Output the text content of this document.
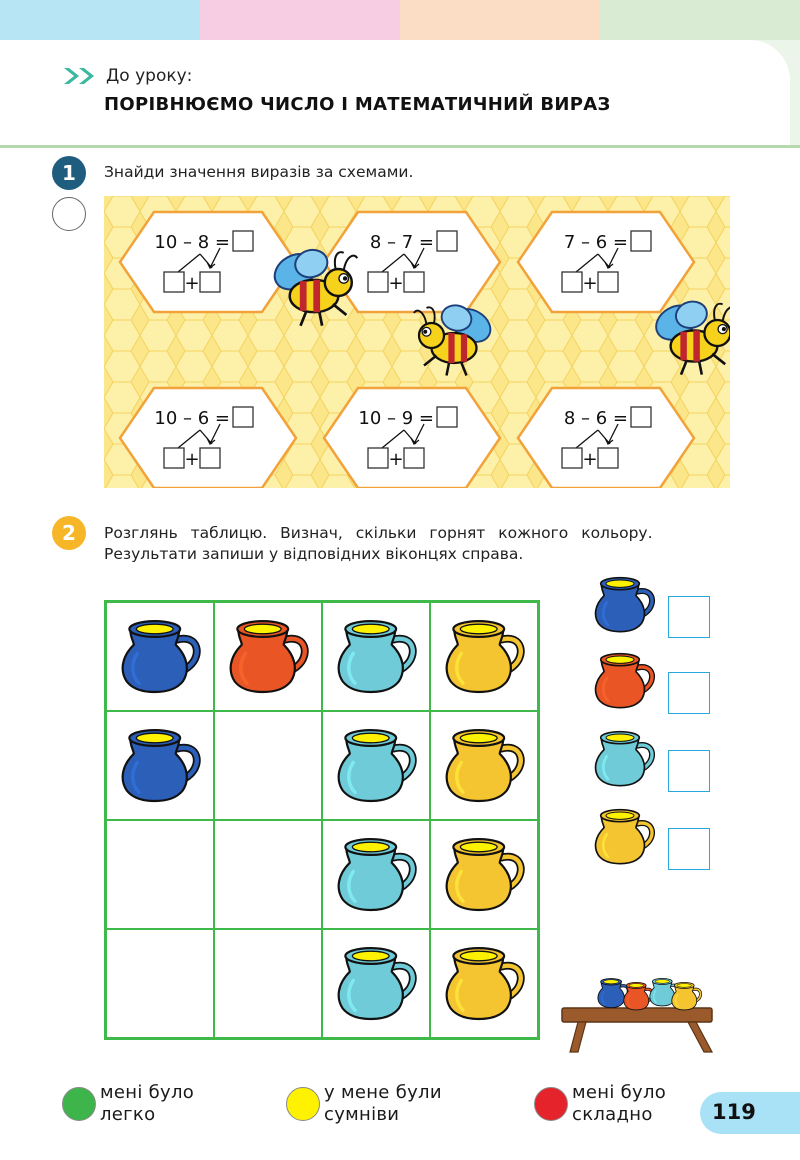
До уроку:
ПОРІВНЮЄМО ЧИСЛО І МАТЕМАТИЧНИЙ ВИРАЗ
1	Знайди значення виразів за схемами.
10 – 8 =
+
8 – 7 =
+
7 – 6 =
+
10 – 6 =
+
10 – 9 =
+
8 – 6 =
+
2	Розглянь таблицю. Визнач, скільки горнят кожного кольору.
Результати запиши у відповідних віконцях справа.
мені було
легко
у мене були
сумніви
мені було
складно	119
